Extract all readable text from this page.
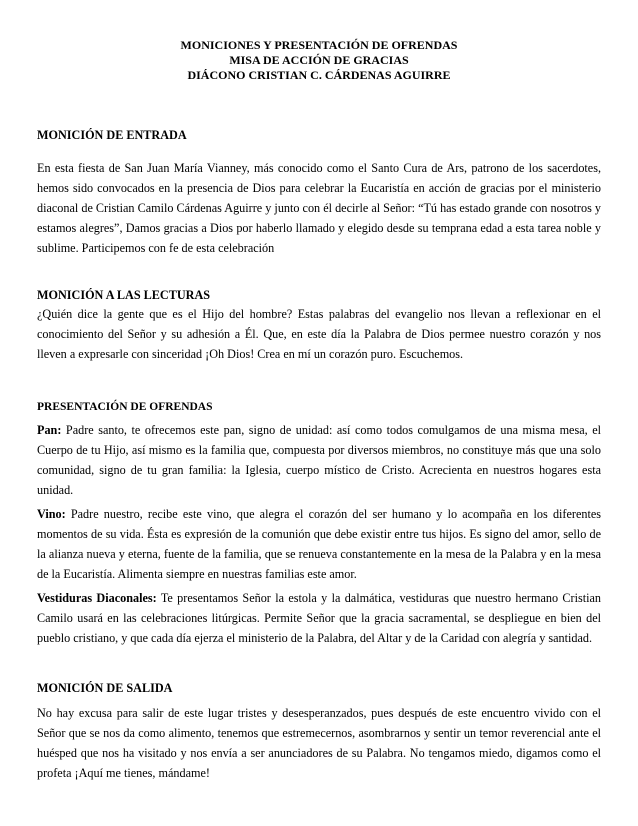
MONICIONES Y PRESENTACIÓN DE OFRENDAS
MISA DE ACCIÓN DE GRACIAS
DIÁCONO CRISTIAN C. CÁRDENAS AGUIRRE
MONICIÓN DE ENTRADA

En esta fiesta de San Juan María Vianney, más conocido como el Santo Cura de Ars, patrono de los sacerdotes, hemos sido convocados en la presencia de Dios para celebrar la Eucaristía en acción de gracias por el ministerio diaconal de Cristian Camilo Cárdenas Aguirre y junto con él decirle al Señor: “Tú has estado grande con nosotros y estamos alegres”, Damos gracias a Dios por haberlo llamado y elegido desde su temprana edad a esta tarea noble y sublime. Participemos con fe de esta celebración

MONICIÓN A LAS LECTURAS

¿Quién dice la gente que es el Hijo del hombre? Estas palabras del evangelio nos llevan a reflexionar en el conocimiento del Señor y su adhesión a Él. Que, en este día la Palabra de Dios permee nuestro corazón y nos lleven a expresarle con sinceridad ¡Oh Dios! Crea en mí un corazón puro. Escuchemos.

PRESENTACIÓN DE OFRENDAS

Pan: Padre santo, te ofrecemos este pan, signo de unidad: así como todos comulgamos de una misma mesa, el Cuerpo de tu Hijo, así mismo es la familia que, compuesta por diversos miembros, no constituye más que una solo comunidad, signo de tu gran familia: la Iglesia, cuerpo místico de Cristo. Acrecienta en nuestros hogares esta unidad.

Vino: Padre nuestro, recibe este vino, que alegra el corazón del ser humano y lo acompaña en los diferentes momentos de su vida. Ésta es expresión de la comunión que debe existir entre tus hijos. Es signo del amor, sello de la alianza nueva y eterna, fuente de la familia, que se renueva constantemente en la mesa de la Palabra y en la mesa de la Eucaristía. Alimenta siempre en nuestras familias este amor.

Vestiduras Diaconales: Te presentamos Señor la estola y la dalmática, vestiduras que nuestro hermano Cristian Camilo usará en las celebraciones litúrgicas. Permite Señor que la gracia sacramental, se despliegue en bien del pueblo cristiano, y que cada día ejerza el ministerio de la Palabra, del Altar y de la Caridad con alegría y santidad.

MONICIÓN DE SALIDA

No hay excusa para salir de este lugar tristes y desesperanzados, pues después de este encuentro vivido con el Señor que se nos da como alimento, tenemos que estremecernos, asombrarnos y sentir un temor reverencial ante el huésped que nos ha visitado y nos envía a ser anunciadores de su Palabra. No tengamos miedo, digamos como el profeta ¡Aquí me tienes, mándame!
